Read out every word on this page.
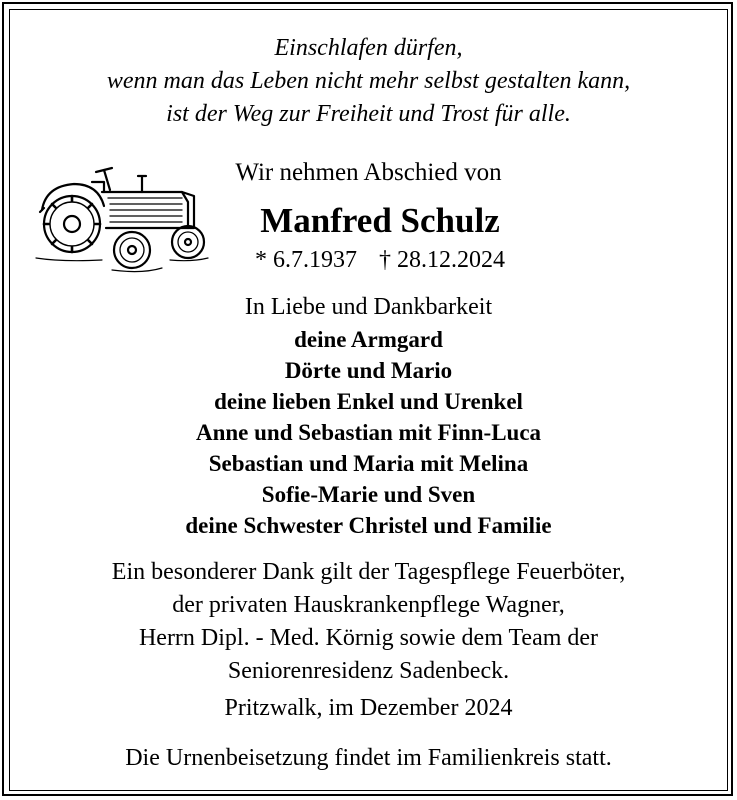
Einschlafen dürfen,
wenn man das Leben nicht mehr selbst gestalten kann,
ist der Weg zur Freiheit und Trost für alle.
Wir nehmen Abschied von
Manfred Schulz
* 6.7.1937 † 28.12.2024
In Liebe und Dankbarkeit
deine Armgard
Dörte und Mario
deine lieben Enkel und Urenkel
Anne und Sebastian mit Finn-Luca
Sebastian und Maria mit Melina
Sofie-Marie und Sven
deine Schwester Christel und Familie
Ein besonderer Dank gilt der Tagespflege Feuerböter,
der privaten Hauskrankenpflege Wagner,
Herrn Dipl. - Med. Körnig sowie dem Team der
Seniorenresidenz Sadenbeck.
Pritzwalk, im Dezember 2024
Die Urnenbeisetzung findet im Familienkreis statt.
